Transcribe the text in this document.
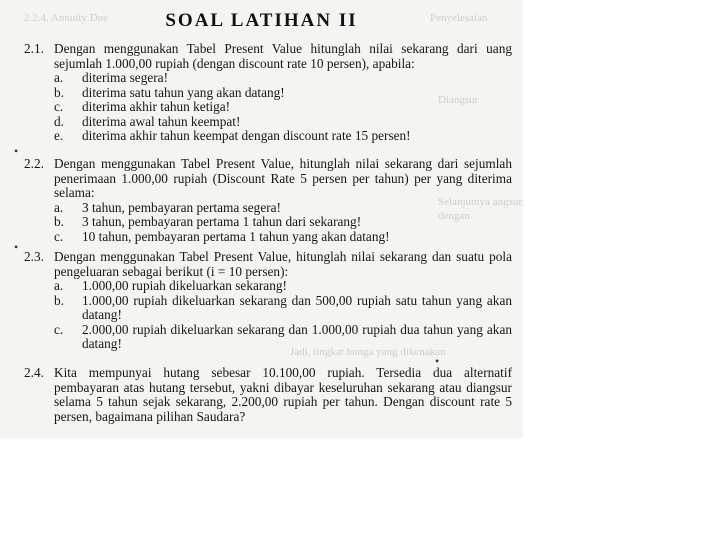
2.2.4. Annuity Due	Penyelesaian
Diangsur
Selanjutnya angsur
dengan
Jadi, tingkat bunga yang dikenakan
SOAL LATIHAN II
2.1. Dengan menggunakan Tabel Present Value hitunglah nilai sekarang dari uang sejumlah 1.000,00 rupiah (dengan discount rate 10 persen), apabila:

a. diterima segera!
b. diterima satu tahun yang akan datang!
c. diterima akhir tahun ketiga!
d. diterima awal tahun keempat!
e. diterima akhir tahun keempat dengan discount rate 15 persen!
2.2. Dengan menggunakan Tabel Present Value, hitunglah nilai sekarang dari sejumlah penerimaan 1.000,00 rupiah (Discount Rate 5 persen per tahun) per yang diterima selama:

a. 3 tahun, pembayaran pertama segera!
b. 3 tahun, pembayaran pertama 1 tahun dari sekarang!
c. 10 tahun, pembayaran pertama 1 tahun yang akan datang!
2.3. Dengan menggunakan Tabel Present Value, hitunglah nilai sekarang dan suatu pola pengeluaran sebagai berikut (i = 10 persen):

a. 1.000,00 rupiah dikeluarkan sekarang!
b. 1.000,00 rupiah dikeluarkan sekarang dan 500,00 rupiah satu tahun yang akan datang!
c. 2.000,00 rupiah dikeluarkan sekarang dan 1.000,00 rupiah dua tahun yang akan datang!
2.4. Kita mempunyai hutang sebesar 10.100,00 rupiah. Tersedia dua alternatif pembayaran atas hutang tersebut, yakni dibayar keseluruhan sekarang atau diangsur selama 5 tahun sejak sekarang, 2.200,00 rupiah per tahun. Dengan discount rate 5 persen, bagaimana pilihan Saudara?

•
•
•
